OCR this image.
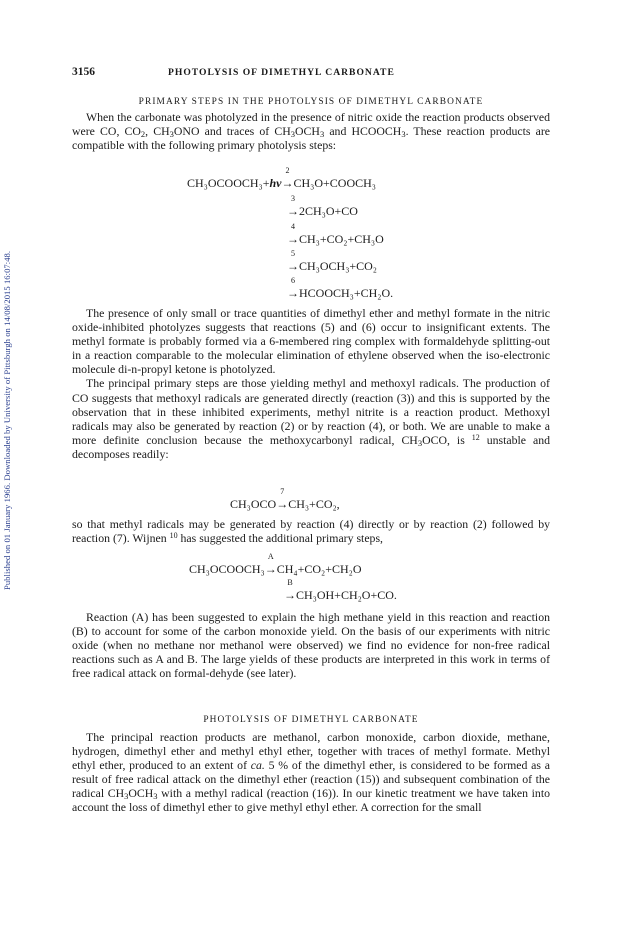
Published on 01 January 1966. Downloaded by University of Pittsburgh on 14/08/2015 16:07:48.
3156	PHOTOLYSIS OF DIMETHYL CARBONATE
PRIMARY STEPS IN THE PHOTOLYSIS OF DIMETHYL CARBONATE

When the carbonate was photolyzed in the presence of nitric oxide the reaction products observed were CO, $CO_2$, $CH_3ONO$ and traces of $CH_3OCH_3$ and $HCOOCH_3$. These reaction products are compatible with the following primary photolysis steps:

CH₃OCOOCH₃+hv
2
→CH₃O+COOCH₃
3
→2CH₃O+CO
4
→CH₃+CO₂+CH₃O
5
→CH₃OCH₃+CO₂
6
→HCOOCH₃+CH₂O.

The presence of only small or trace quantities of dimethyl ether and methyl formate in the nitric oxide-inhibited photolyzes suggests that reactions (5) and (6) occur to insignificant extents. The methyl formate is probably formed via a 6-membered ring complex with formaldehyde splitting-out in a reaction comparable to the molecular elimination of ethylene observed when the iso-electronic molecule di-n-propyl ketone is photolyzed.

The principal primary steps are those yielding methyl and methoxyl radicals. The production of CO suggests that methoxyl radicals are generated directly (reaction (3)) and this is supported by the observation that in these inhibited experiments, methyl nitrite is a reaction product. Methoxyl radicals may also be generated by reaction (2) or by reaction (4), or both. We are unable to make a more definite conclusion because the methoxycarbonyl radical, $CH_3OCO$, is $^{12}$ unstable and decomposes readily:

CH₃OCO
7
→CH₃+CO₂,

so that methyl radicals may be generated by reaction (4) directly or by reaction (2) followed by reaction (7). Wijnen $^{10}$ has suggested the additional primary steps,

CH₃OCOOCH₃
A
→CH₄+CO₂+CH₂O
B
→CH₃OH+CH₂O+CO.

Reaction (A) has been suggested to explain the high methane yield in this reaction and reaction (B) to account for some of the carbon monoxide yield. On the basis of our experiments with nitric oxide (when no methane nor methanol were observed) we find no evidence for non-free radical reactions such as A and B. The large yields of these products are interpreted in this work in terms of free radical attack on formal-dehyde (see later).

PHOTOLYSIS OF DIMETHYL CARBONATE

The principal reaction products are methanol, carbon monoxide, carbon dioxide, methane, hydrogen, dimethyl ether and methyl ethyl ether, together with traces of methyl formate. Methyl ethyl ether, produced to an extent of ca. 5 % of the dimethyl ether, is considered to be formed as a result of free radical attack on the dimethyl ether (reaction (15)) and subsequent combination of the radical $CH_3OCH_3$ with a methyl radical (reaction (16)). In our kinetic treatment we have taken into account the loss of dimethyl ether to give methyl ethyl ether. A correction for the small
